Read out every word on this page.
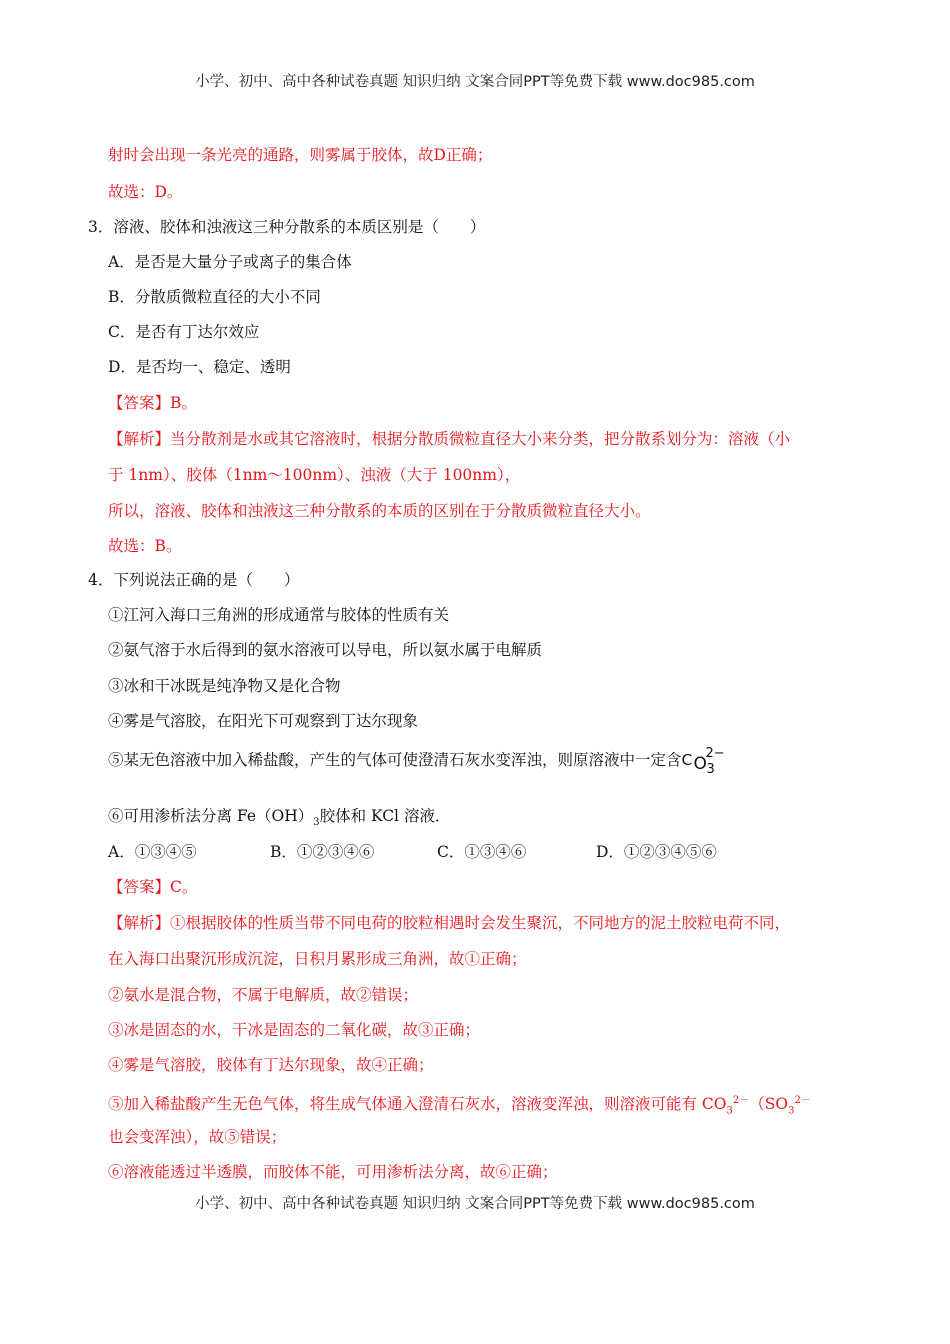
小学、初中、高中各种试卷真题 知识归纳 文案合同PPT等免费下载 www.doc985.com
射时会出现一条光亮的通路，则雾属于胶体，故D正确；
故选：D。
3．溶液、胶体和浊液这三种分散系的本质区别是（　　）
A．是否是大量分子或离子的集合体
B．分散质微粒直径的大小不同
C．是否有丁达尔效应
D．是否均一、稳定、透明
【答案】B。
【解析】当分散剂是水或其它溶液时，根据分散质微粒直径大小来分类，把分散系划分为：溶液（小
于 1nm）、胶体（1nm～100nm）、浊液（大于 100nm），
所以，溶液、胶体和浊液这三种分散系的本质的区别在于分散质微粒直径大小。
故选：B。
4．下列说法正确的是（　　）
①江河入海口三角洲的形成通常与胶体的性质有关
②氨气溶于水后得到的氨水溶液可以导电，所以氨水属于电解质
③冰和干冰既是纯净物又是化合物
④雾是气溶胶，在阳光下可观察到丁达尔现象
⑤某无色溶液中加入稀盐酸，产生的气体可使澄清石灰水变浑浊，则原溶液中一定含 C O
2−
3
⑥可用渗析法分离 $Fe(OH)_3$胶体和 KCl 溶液．
A．①③④⑤	B．①②③④⑥	C．①③④⑥	D．①②③④⑤⑥
【答案】C。
【解析】①根据胶体的性质当带不同电荷的胶粒相遇时会发生聚沉，不同地方的泥土胶粒电荷不同，
在入海口出聚沉形成沉淀，日积月累形成三角洲，故①正确；
②氨水是混合物，不属于电解质，故②错误；
③冰是固态的水，干冰是固态的二氧化碳，故③正确；
④雾是气溶胶，胶体有丁达尔现象，故④正确；
⑤加入稀盐酸产生无色气体，将生成气体通入澄清石灰水，溶液变浑浊，则溶液可能有 $CO_3^{2-}(SO_3^{2-}$
也会变浑浊），故⑤错误；
⑥溶液能透过半透膜，而胶体不能，可用渗析法分离，故⑥正确；
小学、初中、高中各种试卷真题 知识归纳 文案合同PPT等免费下载 www.doc985.com
